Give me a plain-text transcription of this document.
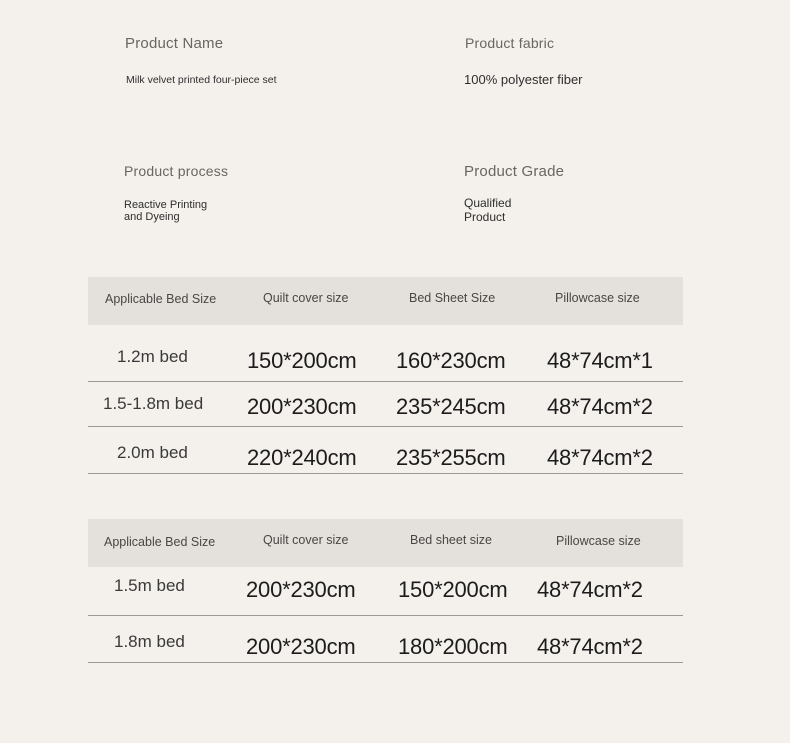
Product Name
Milk velvet printed four-piece set
Product fabric
100% polyester fiber
Product process
Reactive Printing
and Dyeing
Product Grade
Qualified
Product
Applicable Bed Size	Quilt cover size	Bed Sheet Size	Pillowcase size
1.2m bed	150*200cm 160*230cm 48*74cm*1
1.5-1.8m bed 200*230cm 235*245cm 48*74cm*2
2.0m bed	220*240cm 235*255cm 48*74cm*2
Applicable Bed Size	Quilt cover size	Bed sheet size	Pillowcase size
1.5m bed	200*230cm 150*200cm 48*74cm*2
1.8m bed	200*230cm 180*200cm 48*74cm*2
